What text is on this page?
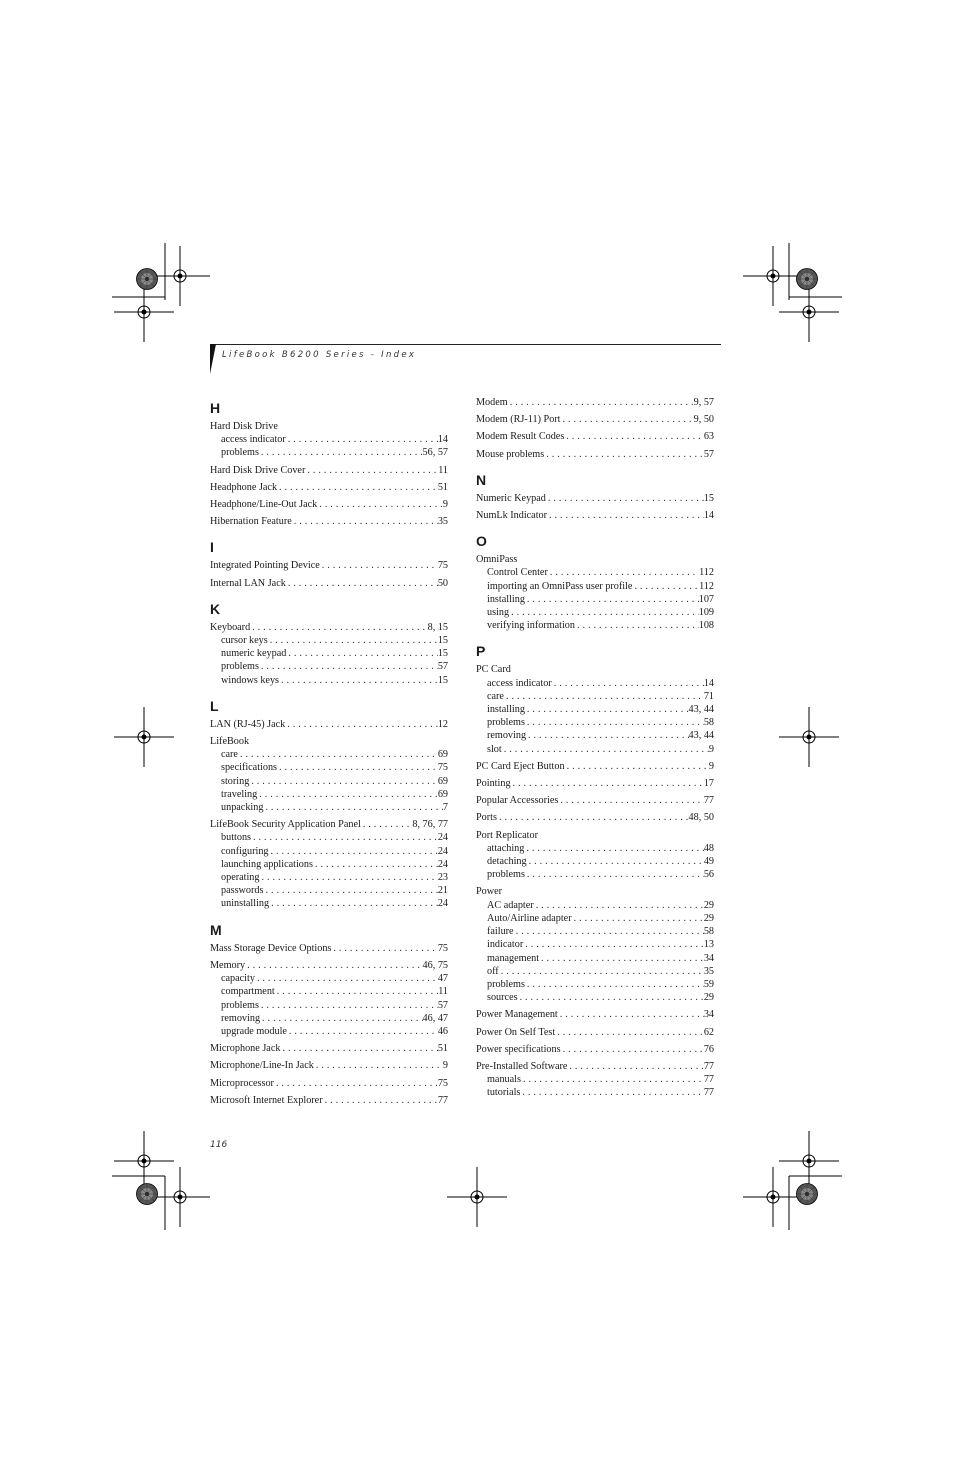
LifeBook B6200 Series - Index
H
Hard Disk Drive
access indicator . . .	14
problems . . .	56, 57
Hard Disk Drive Cover . . .	11
Headphone Jack . . .	51
Headphone/Line-Out Jack . . .	9
Hibernation Feature . . .	35
I
Integrated Pointing Device . . .	75
Internal LAN Jack . . .	50
K
Keyboard . . .	8, 15
cursor keys . . .	15
numeric keypad . . .	15
problems . . .	57
windows keys . . .	15
L
LAN (RJ-45) Jack . . .	12
LifeBook
care . . .	69
specifications . . .	75
storing . . .	69
traveling . . .	69
unpacking . . .	7
LifeBook Security Application Panel . . .	8, 76, 77
buttons . . .	24
configuring . . .	24
launching applications . . .	24
operating . . .	23
passwords . . .	21
uninstalling . . .	24
M
Mass Storage Device Options . . .	75
Memory . . .	46, 75
capacity . . .	47
compartment . . .	11
problems . . .	57
removing . . .	46, 47
upgrade module . . .	46
Microphone Jack . . .	51
Microphone/Line-In Jack . . .	9
Microprocessor . . .	75
Microsoft Internet Explorer . . .	77
Modem . . .	9, 57
Modem (RJ-11) Port . . .	9, 50
Modem Result Codes . . .	63
Mouse problems . . .	57
N
Numeric Keypad . . .	15
NumLk Indicator . . .	14
O
OmniPass
Control Center . . .	112
importing an OmniPass user profile . . .	112
installing . . .	107
using . . .	109
verifying information . . .	108
P
PC Card
access indicator . . .	14
care . . .	71
installing . . .	43, 44
problems . . .	58
removing . . .	43, 44
slot . . .	9
PC Card Eject Button . . .	9
Pointing . . .	17
Popular Accessories . . .	77
Ports . . .	48, 50
Port Replicator
attaching . . .	48
detaching . . .	49
problems . . .	56
Power
AC adapter . . .	29
Auto/Airline adapter . . .	29
failure . . .	58
indicator . . .	13
management . . .	34
off . . .	35
problems . . .	59
sources . . .	29
Power Management . . .	34
Power On Self Test . . .	62
Power specifications . . .	76
Pre-Installed Software . . .	77
manuals . . .	77
tutorials . . .	77
116
